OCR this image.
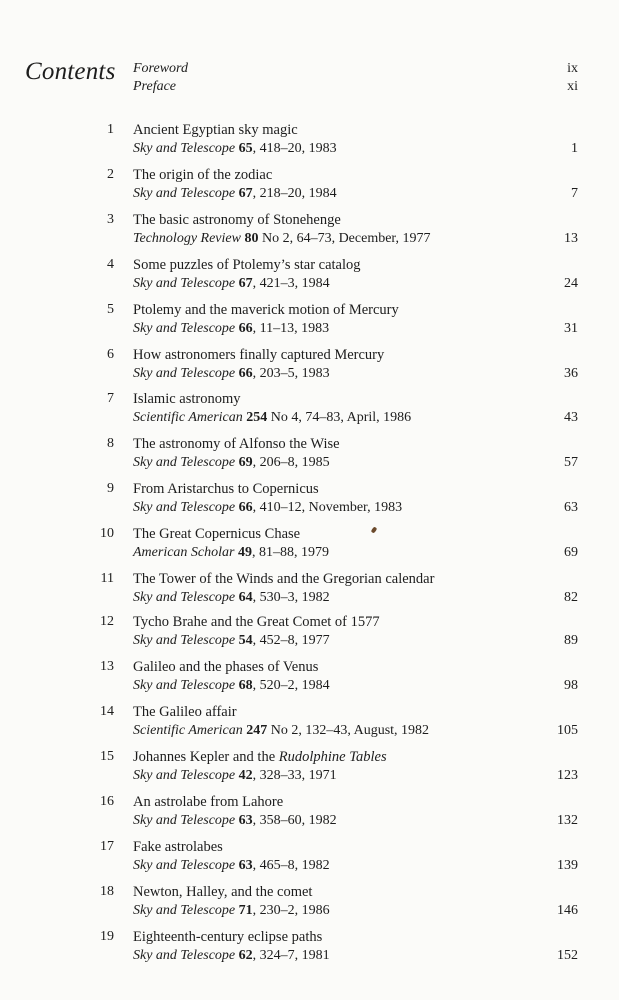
Contents Foreword	ix
Preface	xi
1 Ancient Egyptian sky magic
Sky and Telescope 65, 418–20, 1983	1
2 The origin of the zodiac
Sky and Telescope 67, 218–20, 1984	7
3 The basic astronomy of Stonehenge
Technology Review 80 No 2, 64–73, December, 1977	13
4 Some puzzles of Ptolemy’s star catalog
Sky and Telescope 67, 421–3, 1984	24
5 Ptolemy and the maverick motion of Mercury
Sky and Telescope 66, 11–13, 1983	31
6 How astronomers finally captured Mercury
Sky and Telescope 66, 203–5, 1983	36
7 Islamic astronomy
Scientific American 254 No 4, 74–83, April, 1986	43
8 The astronomy of Alfonso the Wise
Sky and Telescope 69, 206–8, 1985	57
9 From Aristarchus to Copernicus
Sky and Telescope 66, 410–12, November, 1983	63
10 The Great Copernicus Chase
American Scholar 49, 81–88, 1979	69
11 The Tower of the Winds and the Gregorian calendar
Sky and Telescope 64, 530–3, 1982	82
12 Tycho Brahe and the Great Comet of 1577
Sky and Telescope 54, 452–8, 1977	89
13 Galileo and the phases of Venus
Sky and Telescope 68, 520–2, 1984	98
14 The Galileo affair
Scientific American 247 No 2, 132–43, August, 1982	105
15 Johannes Kepler and the Rudolphine Tables
Sky and Telescope 42, 328–33, 1971	123
16 An astrolabe from Lahore
Sky and Telescope 63, 358–60, 1982	132
17 Fake astrolabes
Sky and Telescope 63, 465–8, 1982	139
18 Newton, Halley, and the comet
Sky and Telescope 71, 230–2, 1986	146
19 Eighteenth-century eclipse paths
Sky and Telescope 62, 324–7, 1981	152
